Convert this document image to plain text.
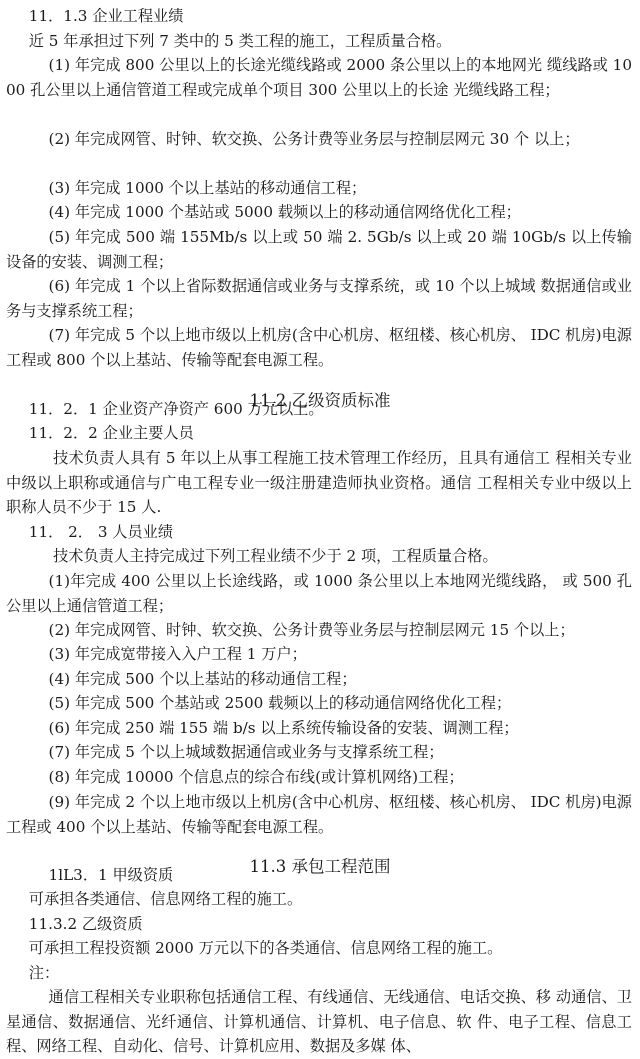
11．1.3 企业工程业绩

近 5 年承担过下列 7 类中的 5 类工程的施工，工程质量合格。

(1) 年完成 800 公里以上的长途光缆线路或 2000 条公里以上的本地网光 缆线路或 1000 孔公里以上通信管道工程或完成单个项目 300 公里以上的长途 光缆线路工程；

(2) 年完成网管、时钟、软交换、公务计费等业务层与控制层网元 30 个 以上；

(3) 年完成 1000 个以上基站的移动通信工程；

(4) 年完成 1000 个基站或 5000 载频以上的移动通信网络优化工程；

(5) 年完成 500 端 155Mb/s 以上或 50 端 2. 5Gb/s 以上或 20 端 10Gb/s 以上传输设备的安装、调测工程；

(6) 年完成 1 个以上省际数据通信或业务与支撑系统，或 10 个以上城域 数据通信或业务与支撑系统工程；

(7) 年完成 5 个以上地市级以上机房(含中心机房、枢纽楼、核心机房、 IDC 机房)电源工程或 800 个以上基站、传输等配套电源工程。

11.2 乙级资质标准

11．2．1 企业资产净资产 600 万元以上。

11．2．2 企业主要人员

技术负责人具有 5 年以上从事工程施工技术管理工作经历，且具有通信工 程相关专业中级以上职称或通信与广电工程专业一级注册建造师执业资格。通信 工程相关专业中级以上职称人员不少于 15 人.

11． 2． 3 人员业绩

技术负责人主持完成过下列工程业绩不少于 2 项，工程质量合格。

(1)年完成 400 公里以上长途线路，或 1000 条公里以上本地网光缆线路， 或 500 孔公里以上通信管道工程；

(2) 年完成网管、时钟、软交换、公务计费等业务层与控制层网元 15 个以上；

(3) 年完成宽带接入入户工程 1 万户；

(4) 年完成 500 个以上基站的移动通信工程；

(5) 年完成 500 个基站或 2500 载频以上的移动通信网络优化工程；

(6) 年完成 250 端 155 端 b/s 以上系统传输设备的安装、调测工程；

(7) 年完成 5 个以上城域数据通信或业务与支撑系统工程；

(8) 年完成 10000 个信息点的综合布线(或计算机网络)工程；

(9) 年完成 2 个以上地市级以上机房(含中心机房、枢纽楼、核心机房、 IDC 机房)电源工程或 400 个以上基站、传输等配套电源工程。

11.3 承包工程范围

1lL3．1 甲级资质

可承担各类通信、信息网络工程的施工。

11.3.2 乙级资质

可承担工程投资额 2000 万元以下的各类通信、信息网络工程的施工。

注：

通信工程相关专业职称包括通信工程、有线通信、无线通信、电话交换、移 动通信、卫星通信、数据通信、光纤通信、计算机通信、计算机、电子信息、软 件、电子工程、信息工程、网络工程、自动化、信号、计算机应用、数据及多媒 体、
